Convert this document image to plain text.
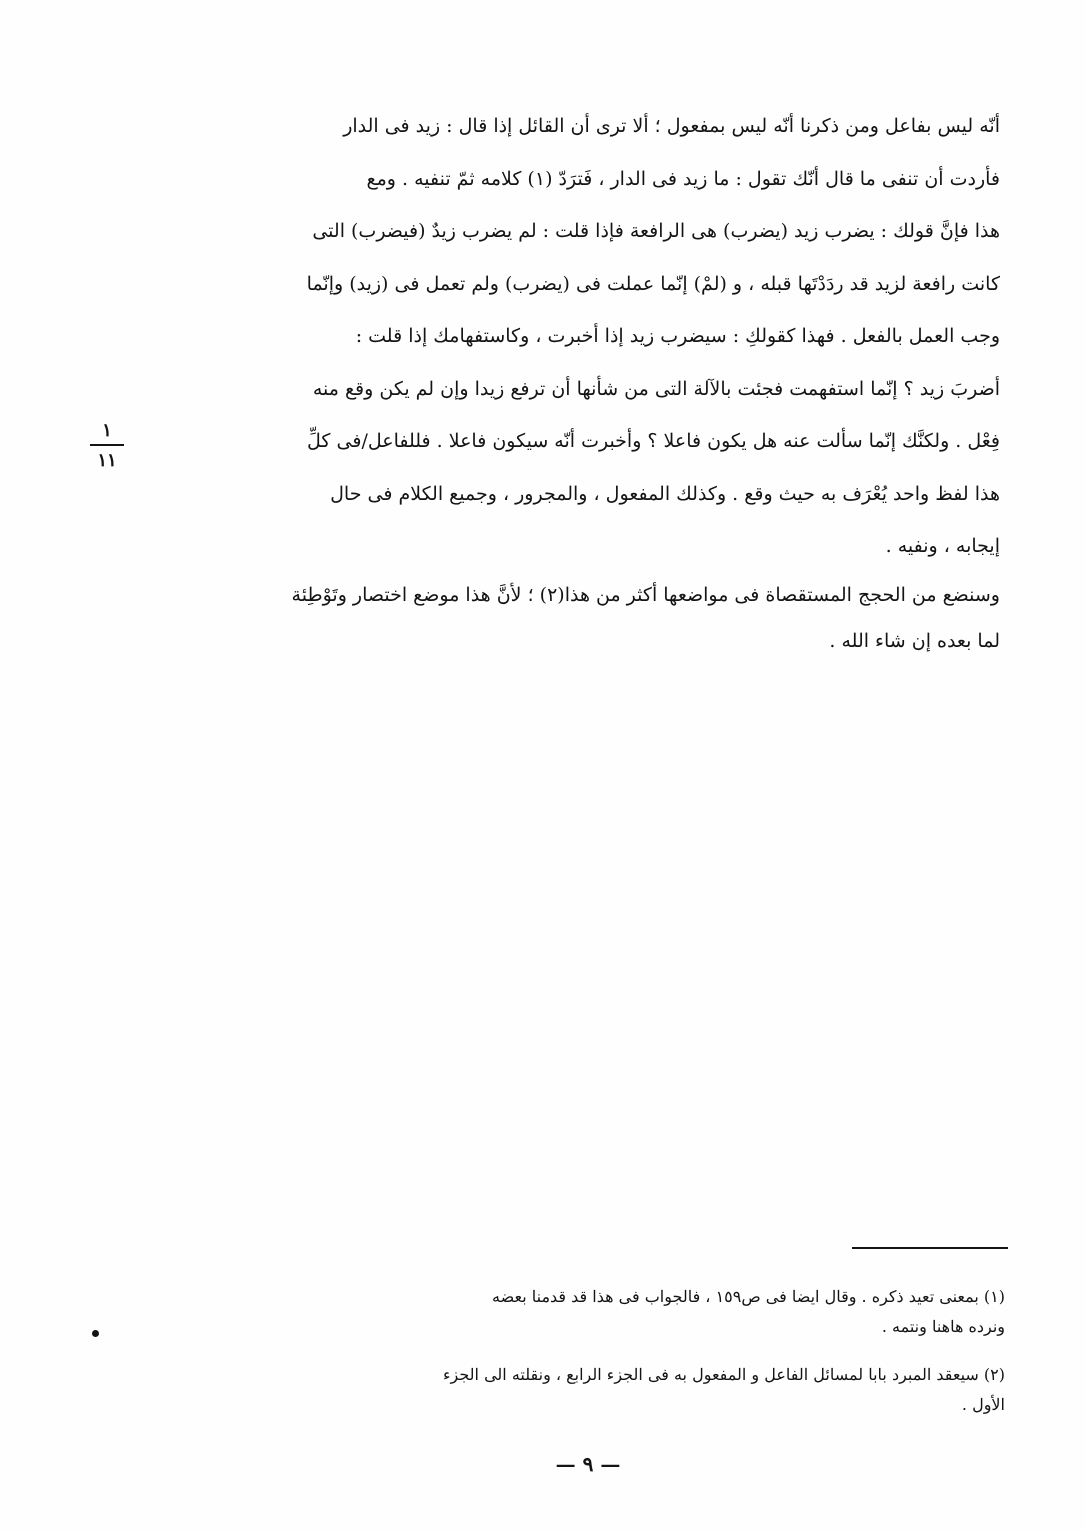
أنّه ليس بفاعل ومن ذكرنا أنّه ليس بمفعول ؛ ألا ترى أن القائل إذا قال : زيد فى الدار
فأردت أن تنفى ما قال أنّك تقول : ما زيد فى الدار ، فَترَدّ (١) كلامه ثمّ تنفيه . ومع
هذا فإنَّ قولك : يضرب زيد (يضرب) هى الرافعة فإذا قلت : لم يضرب زيدٌ (فيضرب) التى
كانت رافعة لزيد قد ردَدْتَها قبله ، و (لمْ) إنّما عملت فى (يضرب) ولم تعمل فى (زيد) وإنّما
وجب العمل بالفعل . فهذا كقولكِ : سيضرب زيد إذا أخبرت ، وكاستفهامك إذا قلت :
أضربَ زيد ؟ إنّما استفهمت فجئت بالآلة التى من شأنها أن ترفع زيدا وإن لم يكن وقع منه
فِعْل . ولكنَّك إنّما سألت عنه هل يكون فاعلا ؟ وأخبرت أنّه سيكون فاعلا . فللفاعل/فى كلِّ
هذا لفظ واحد يُعْرَف به حيث وقع . وكذلك المفعول ، والمجرور ، وجميع الكلام فى حال
إيجابه ، ونفيه .
١
١١
وسنضع من الحجج المستقصاة فى مواضعها أكثر من هذا(٢) ؛ لأنَّ هذا موضع اختصار وتَوْطِئة
لما بعده إن شاء الله .
(١) بمعنى تعيد ذكره . وقال ايضا فى ص١٥٩ ، فالجواب فى هذا قد قدمنا بعضه
ونرده هاهنا ونتمه .
(٢) سيعقد المبرد بابا لمسائل الفاعل و المفعول به فى الجزء الرابع ، ونقلته الى الجزء
الأول .
— ٩ —
